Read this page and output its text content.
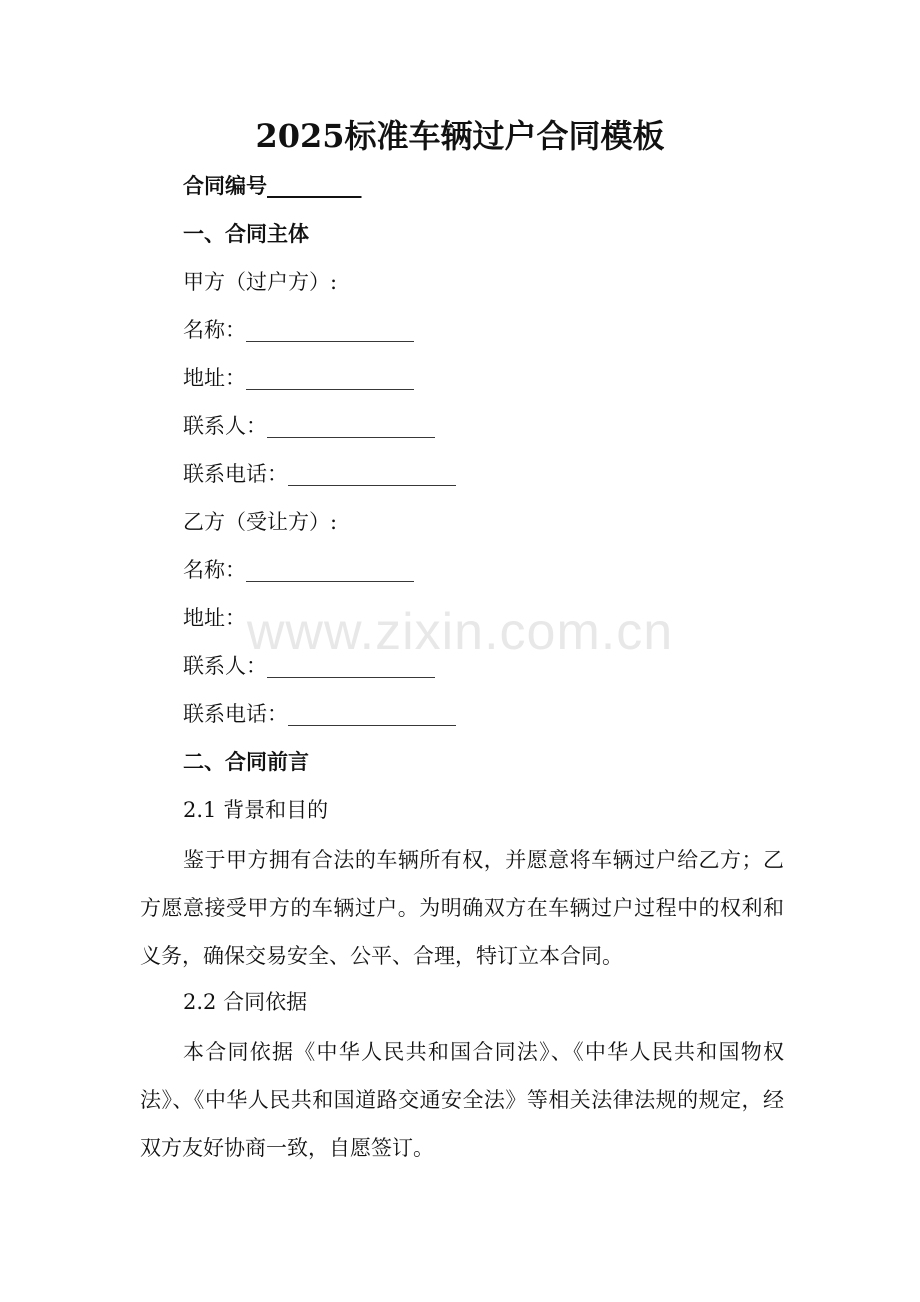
2025标准车辆过户合同模板
合同编号_________
一、合同主体
甲方（过户方）:
名称：________________
地址：________________
联系人：________________
联系电话：________________
乙方（受让方）:
名称：________________
地址：
联系人：________________
联系电话：________________
二、合同前言
2.1 背景和目的
鉴于甲方拥有合法的车辆所有权，并愿意将车辆过户给乙方；乙方愿意接受甲方的车辆过户。为明确双方在车辆过户过程中的权利和义务，确保交易安全、公平、合理，特订立本合同。
2.2 合同依据
本合同依据《中华人民共和国合同法》、《中华人民共和国物权法》、《中华人民共和国道路交通安全法》等相关法律法规的规定，经双方友好协商一致，自愿签订。
www.zixin.com.cn
